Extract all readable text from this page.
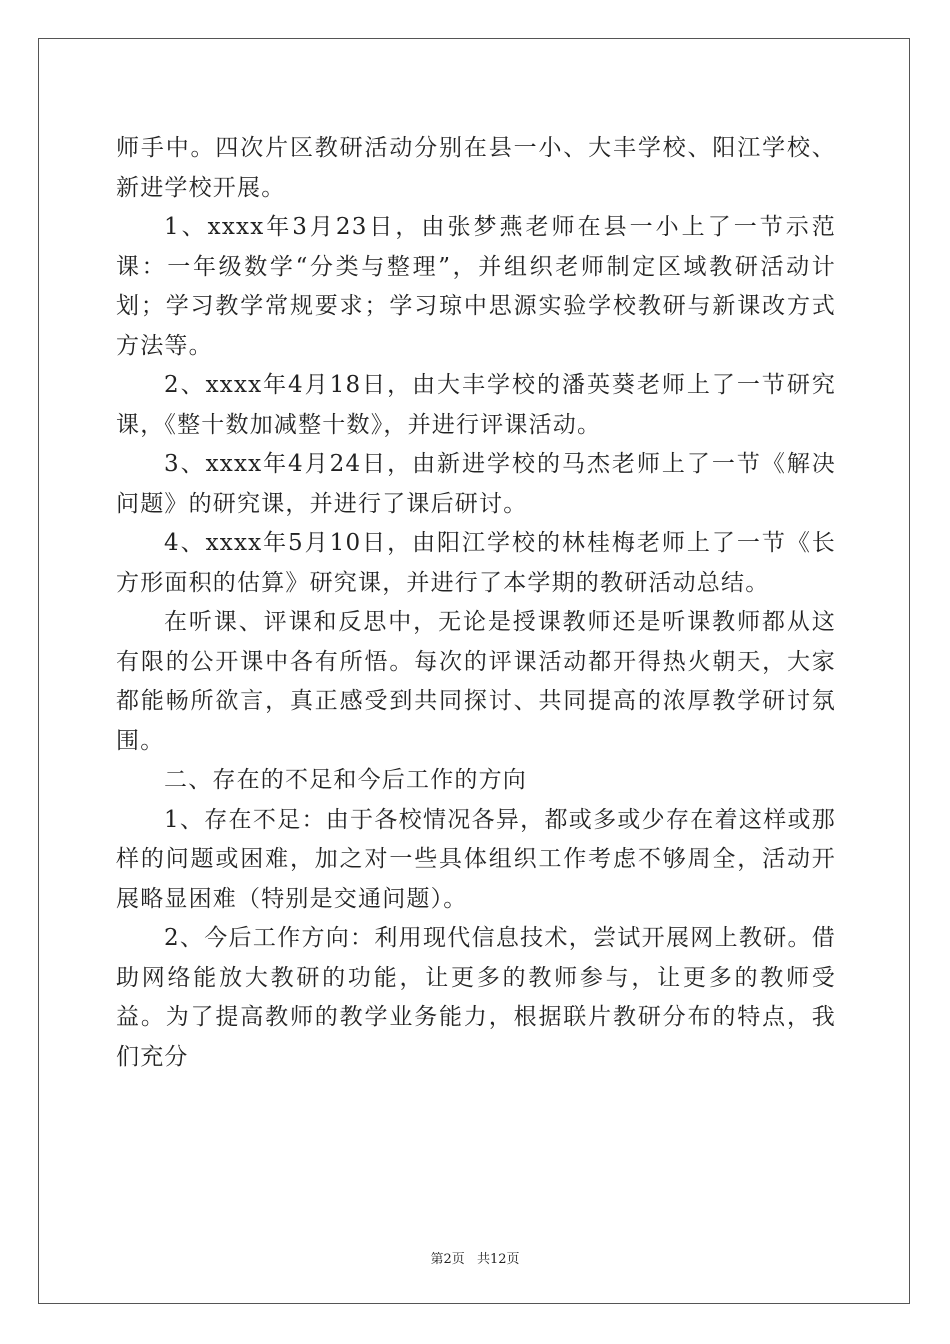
师手中。四次片区教研活动分别在县一小、大丰学校、阳江学校、新进学校开展。

1、xxxx年3月23日，由张梦燕老师在县一小上了一节示范课：一年级数学“分类与整理”，并组织老师制定区域教研活动计划；学习教学常规要求；学习琼中思源实验学校教研与新课改方式方法等。

2、xxxx年4月18日，由大丰学校的潘英葵老师上了一节研究课，《整十数加减整十数》，并进行评课活动。

3、xxxx年4月24日，由新进学校的马杰老师上了一节《解决问题》的研究课，并进行了课后研讨。

4、xxxx年5月10日，由阳江学校的林桂梅老师上了一节《长方形面积的估算》研究课，并进行了本学期的教研活动总结。

在听课、评课和反思中，无论是授课教师还是听课教师都从这有限的公开课中各有所悟。每次的评课活动都开得热火朝天，大家都能畅所欲言，真正感受到共同探讨、共同提高的浓厚教学研讨氛围。

二、存在的不足和今后工作的方向

1、存在不足：由于各校情况各异，都或多或少存在着这样或那样的问题或困难，加之对一些具体组织工作考虑不够周全，活动开展略显困难（特别是交通问题）。

2、今后工作方向：利用现代信息技术，尝试开展网上教研。借助网络能放大教研的功能，让更多的教师参与，让更多的教师受益。为了提高教师的教学业务能力，根据联片教研分布的特点，我们充分

第2页 共12页
